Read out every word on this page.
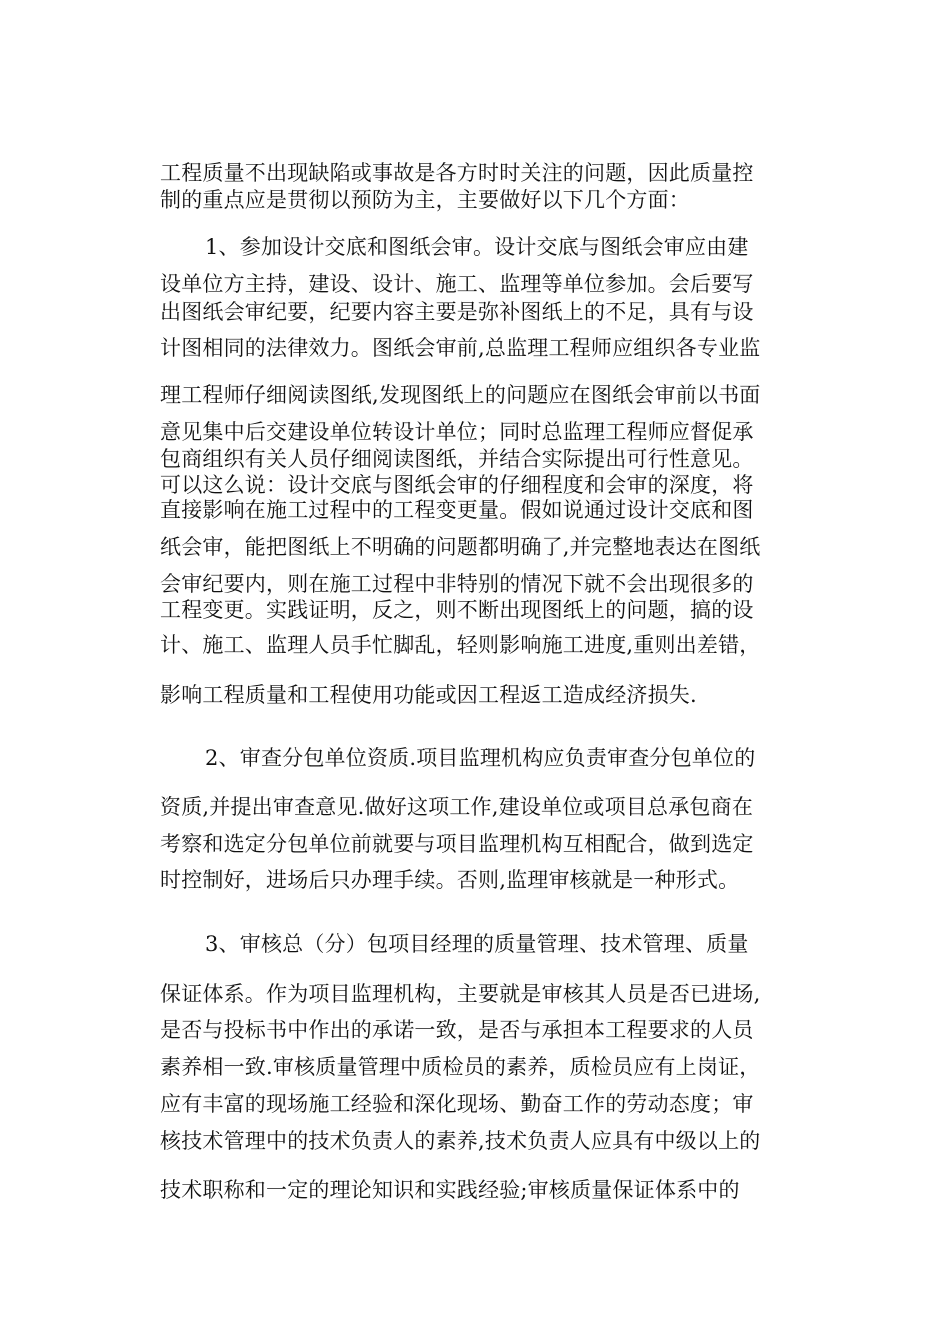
工程质量不出现缺陷或事故是各方时时关注的问题，因此质量控
制的重点应是贯彻以预防为主，主要做好以下几个方面：
1、参加设计交底和图纸会审。设计交底与图纸会审应由建
设单位方主持，建设、设计、施工、监理等单位参加。会后要写
出图纸会审纪要，纪要内容主要是弥补图纸上的不足，具有与设
计图相同的法律效力。图纸会审前,总监理工程师应组织各专业监
理工程师仔细阅读图纸,发现图纸上的问题应在图纸会审前以书面
意见集中后交建设单位转设计单位；同时总监理工程师应督促承
包商组织有关人员仔细阅读图纸，并结合实际提出可行性意见。
可以这么说：设计交底与图纸会审的仔细程度和会审的深度，将
直接影响在施工过程中的工程变更量。假如说通过设计交底和图
纸会审，能把图纸上不明确的问题都明确了,并完整地表达在图纸
会审纪要内，则在施工过程中非特别的情况下就不会出现很多的
工程变更。实践证明，反之，则不断出现图纸上的问题，搞的设
计、施工、监理人员手忙脚乱，轻则影响施工进度,重则出差错，
影响工程质量和工程使用功能或因工程返工造成经济损失.
2、审查分包单位资质.项目监理机构应负责审查分包单位的
资质,并提出审查意见.做好这项工作,建设单位或项目总承包商在
考察和选定分包单位前就要与项目监理机构互相配合，做到选定
时控制好，进场后只办理手续。否则,监理审核就是一种形式。
3、审核总（分）包项目经理的质量管理、技术管理、质量
保证体系。作为项目监理机构，主要就是审核其人员是否已进场,
是否与投标书中作出的承诺一致，是否与承担本工程要求的人员
素养相一致.审核质量管理中质检员的素养，质检员应有上岗证，
应有丰富的现场施工经验和深化现场、勤奋工作的劳动态度；审
核技术管理中的技术负责人的素养,技术负责人应具有中级以上的
技术职称和一定的理论知识和实践经验;审核质量保证体系中的
